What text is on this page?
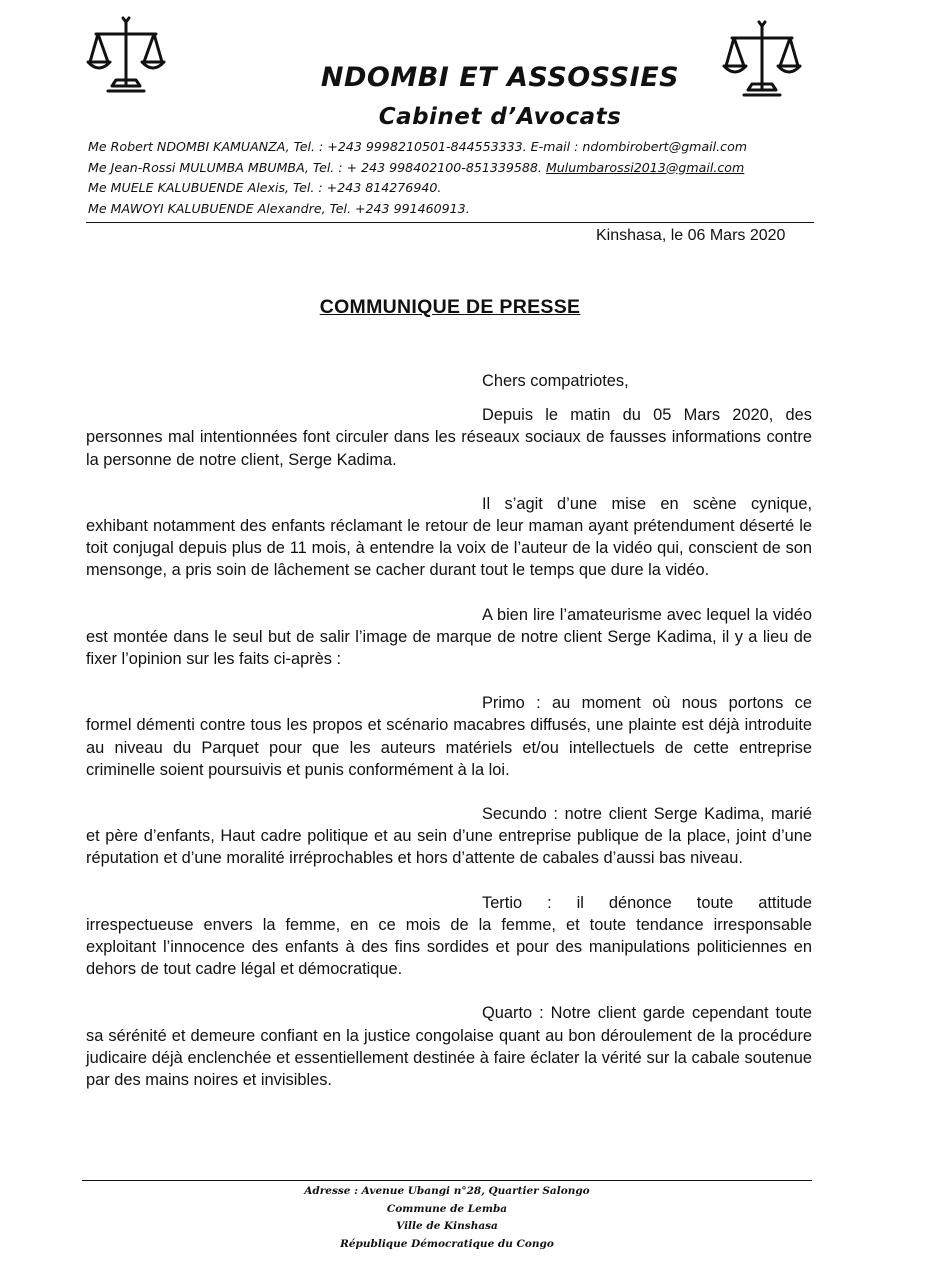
NDOMBI ET ASSOSSIES
Cabinet d’Avocats
Me Robert NDOMBI KAMUANZA, Tel. : +243 9998210501-844553333. E-mail : ndombirobert@gmail.com
Me Jean-Rossi MULUMBA MBUMBA, Tel. : + 243 998402100-851339588. Mulumbarossi2013@gmail.com
Me MUELE KALUBUENDE Alexis, Tel. : +243 814276940.
Me MAWOYI KALUBUENDE Alexandre, Tel. +243 991460913.
Kinshasa, le 06 Mars 2020
COMMUNIQUE DE PRESSE

Chers compatriotes,

Depuis le matin du 05 Mars 2020, des personnes mal intentionnées font circuler dans les réseaux sociaux de fausses informations contre la personne de notre client, Serge Kadima.

Il s’agit d’une mise en scène cynique, exhibant notamment des enfants réclamant le retour de leur maman ayant prétendument déserté le toit conjugal depuis plus de 11 mois, à entendre la voix de l’auteur de la vidéo qui, conscient de son mensonge, a pris soin de lâchement se cacher durant tout le temps que dure la vidéo.

A bien lire l’amateurisme avec lequel la vidéo est montée dans le seul but de salir l’image de marque de notre client Serge Kadima, il y a lieu de fixer l’opinion sur les faits ci-après :

Primo : au moment où nous portons ce formel démenti contre tous les propos et scénario macabres diffusés, une plainte est déjà introduite au niveau du Parquet pour que les auteurs matériels et/ou intellectuels de cette entreprise criminelle soient poursuivis et punis conformément à la loi.

Secundo : notre client Serge Kadima, marié et père d’enfants, Haut cadre politique et au sein d’une entreprise publique de la place, joint d’une réputation et d’une moralité irréprochables et hors d’attente de cabales d’aussi bas niveau.

Tertio : il dénonce toute attitude irrespectueuse envers la femme, en ce mois de la femme, et toute tendance irresponsable exploitant l’innocence des enfants à des fins sordides et pour des manipulations politiciennes en dehors de tout cadre légal et démocratique.

Quarto : Notre client garde cependant toute sa sérénité et demeure confiant en la justice congolaise quant au bon déroulement de la procédure judicaire déjà enclenchée et essentiellement destinée à faire éclater la vérité sur la cabale soutenue par des mains noires et invisibles.

Adresse : Avenue Ubangi n°28, Quartier Salongo
Commune de Lemba
Ville de Kinshasa
République Démocratique du Congo
